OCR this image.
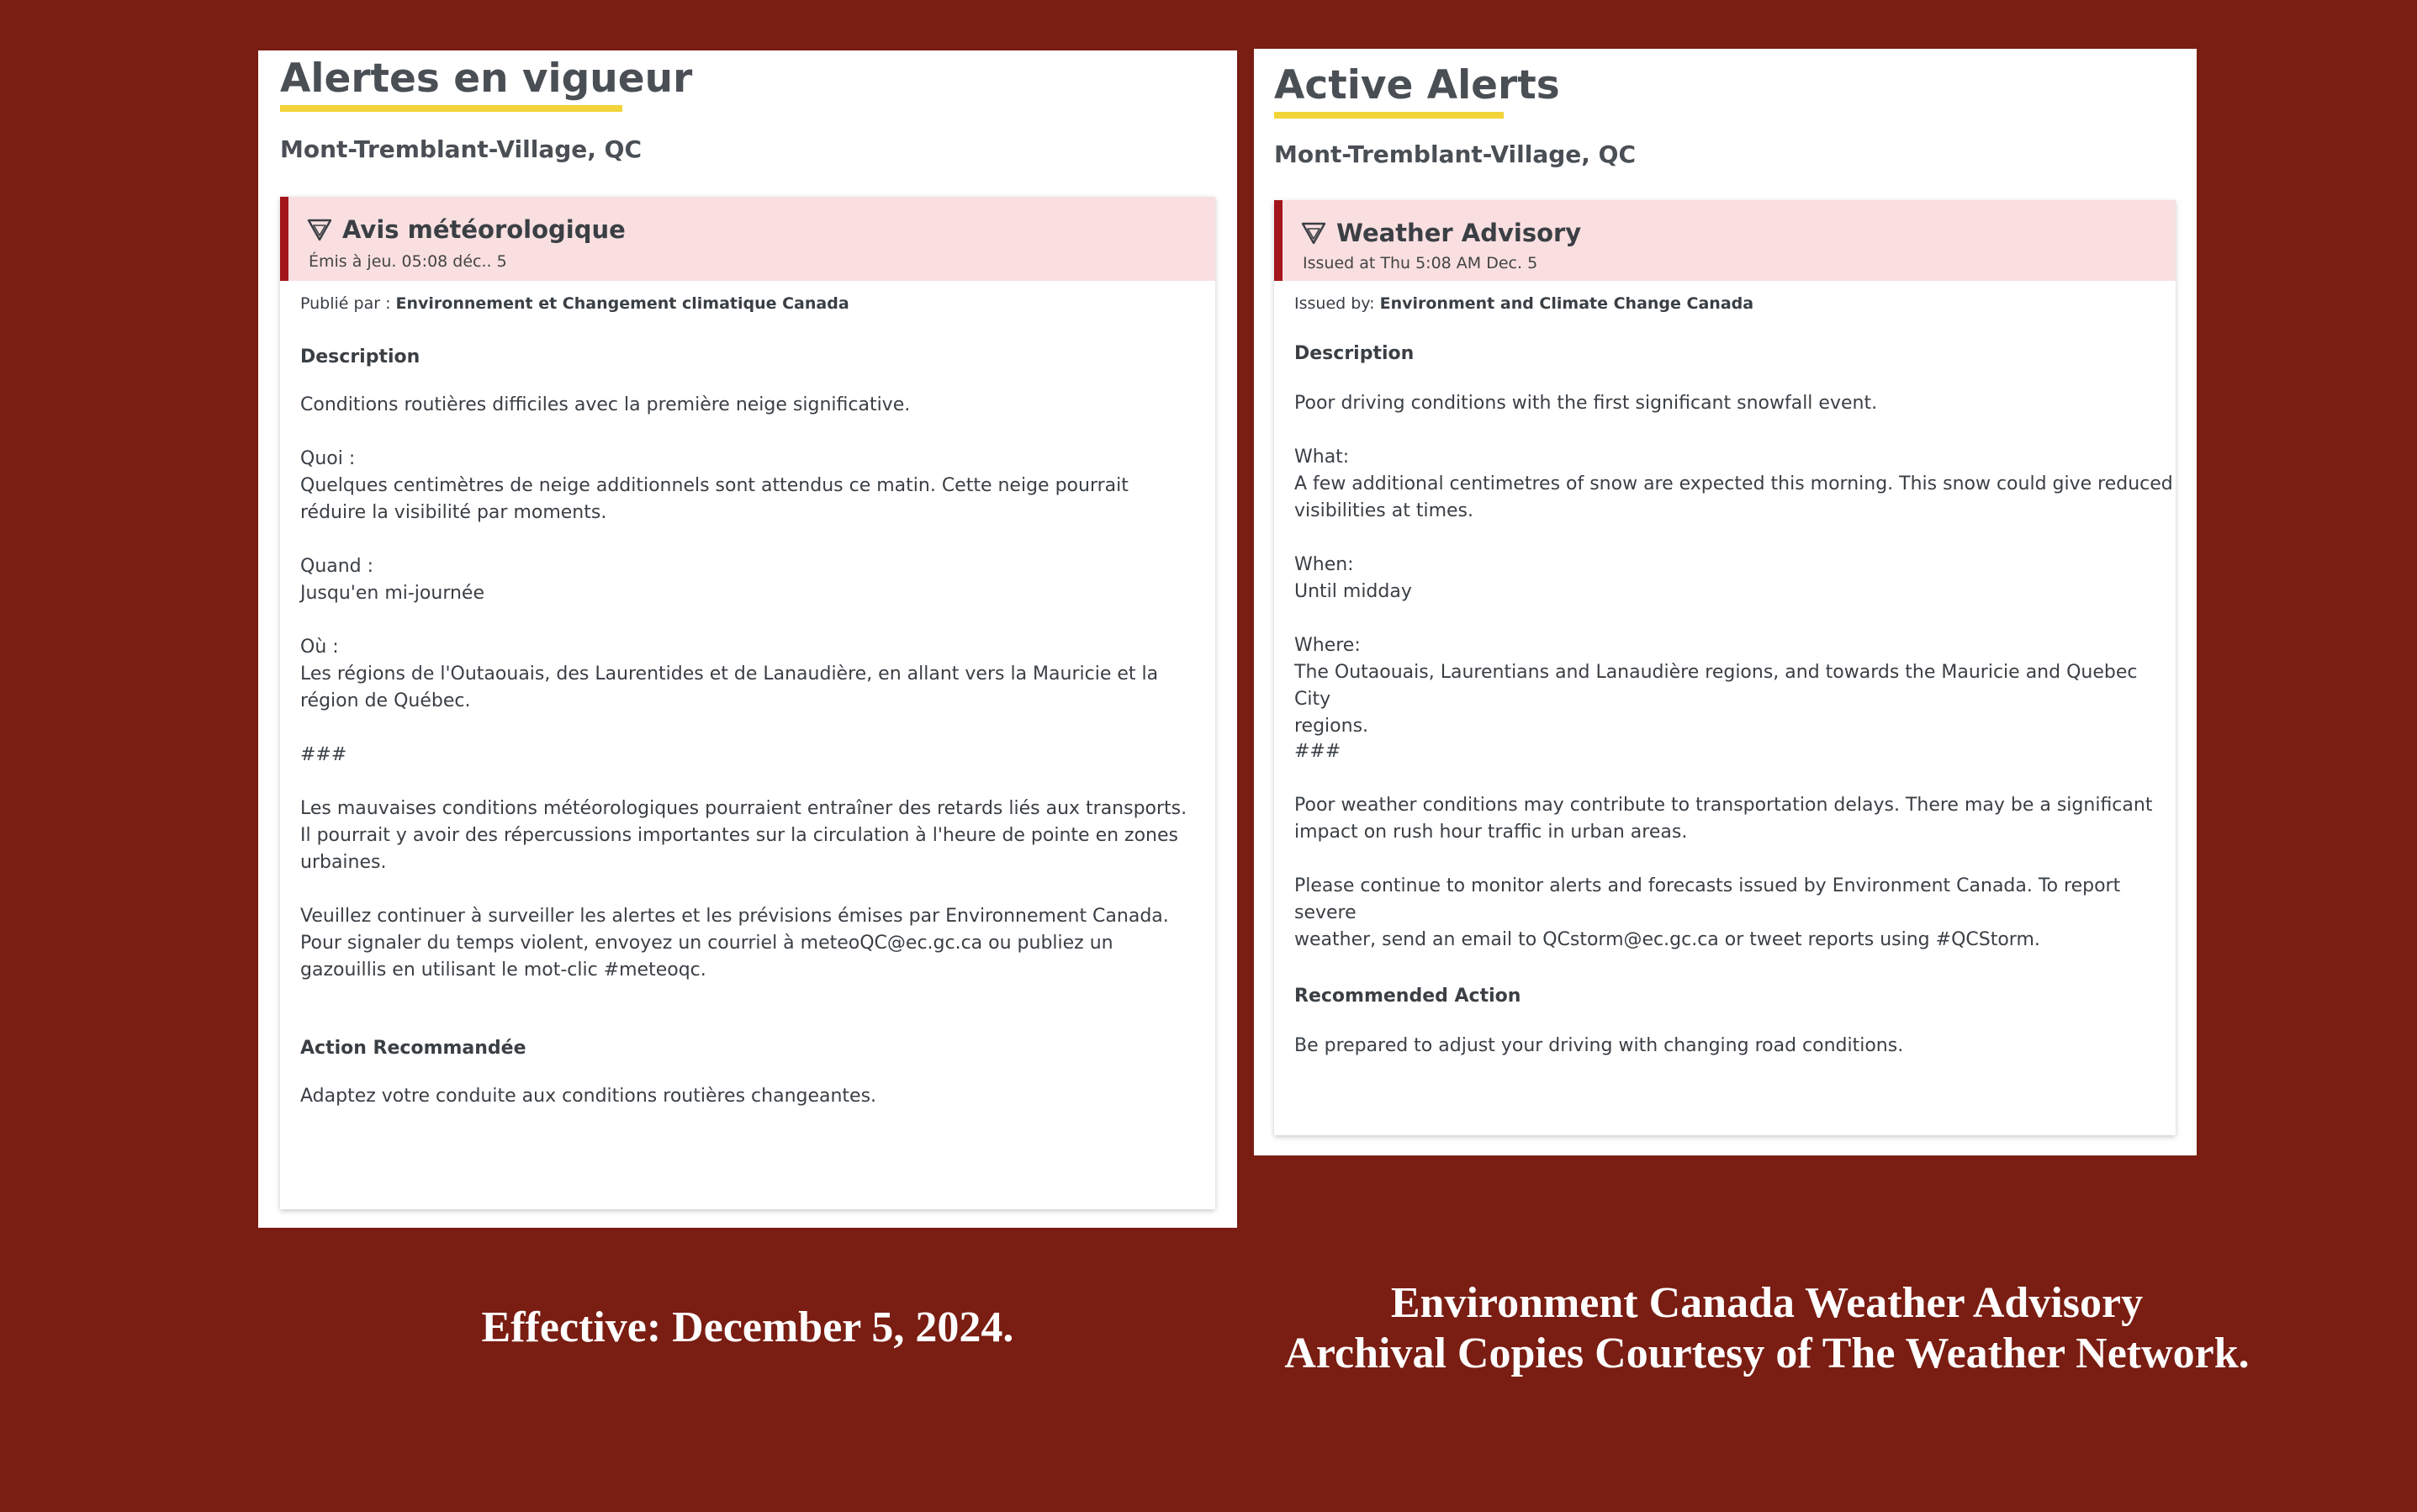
Alertes en vigueur
Mont-Tremblant-Village, QC
Avis météorologique
Émis à jeu. 05:08 déc.. 5
Publié par : Environnement et Changement climatique Canada
Description
Conditions routières difficiles avec la première neige significative.
Quoi :
Quelques centimètres de neige additionnels sont attendus ce matin. Cette neige pourrait
réduire la visibilité par moments.
Quand :
Jusqu'en mi-journée
Où :
Les régions de l'Outaouais, des Laurentides et de Lanaudière, en allant vers la Mauricie et la
région de Québec.
###
Les mauvaises conditions météorologiques pourraient entraîner des retards liés aux transports.
Il pourrait y avoir des répercussions importantes sur la circulation à l'heure de pointe en zones
urbaines.
Veuillez continuer à surveiller les alertes et les prévisions émises par Environnement Canada.
Pour signaler du temps violent, envoyez un courriel à meteoQC@ec.gc.ca ou publiez un
gazouillis en utilisant le mot-clic #meteoqc.
Action Recommandée
Adaptez votre conduite aux conditions routières changeantes.
Active Alerts
Mont-Tremblant-Village, QC
Weather Advisory
Issued at Thu 5:08 AM Dec. 5
Issued by: Environment and Climate Change Canada
Description
Poor driving conditions with the first significant snowfall event.
What:
A few additional centimetres of snow are expected this morning. This snow could give reduced
visibilities at times.
When:
Until midday
Where:
The Outaouais, Laurentians and Lanaudière regions, and towards the Mauricie and Quebec City
regions.
###
Poor weather conditions may contribute to transportation delays. There may be a significant
impact on rush hour traffic in urban areas.
Please continue to monitor alerts and forecasts issued by Environment Canada. To report severe
weather, send an email to QCstorm@ec.gc.ca or tweet reports using #QCStorm.
Recommended Action
Be prepared to adjust your driving with changing road conditions.
Effective: December 5, 2024.
Environment Canada Weather Advisory
Archival Copies Courtesy of The Weather Network.
